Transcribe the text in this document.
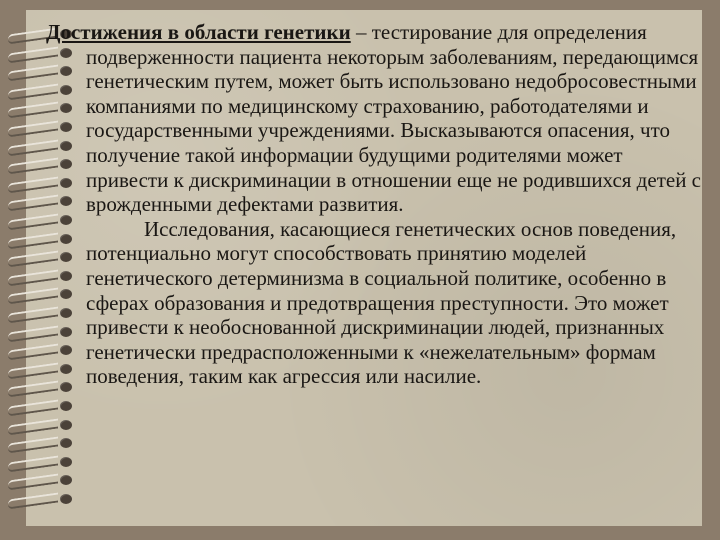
Достижения в области генетики – тестирование для определения подверженности пациента некоторым заболеваниям, передающимся генетическим путем, может быть использовано недобросовестными компаниями по медицинскому страхованию, работодателями и государственными учреждениями. Высказываются опасения, что получение такой информации будущими родителями может привести к дискриминации в отношении еще не родившихся детей с врожденными дефектами развития.

Исследования, касающиеся генетических основ поведения, потенциально могут способствовать принятию моделей генетического детерминизма в социальной политике, особенно в сферах образования и предотвращения преступности. Это может привести к необоснованной дискриминации людей, признанных генетически предрасположенными к «нежелательным» формам поведения, таким как агрессия или насилие.
